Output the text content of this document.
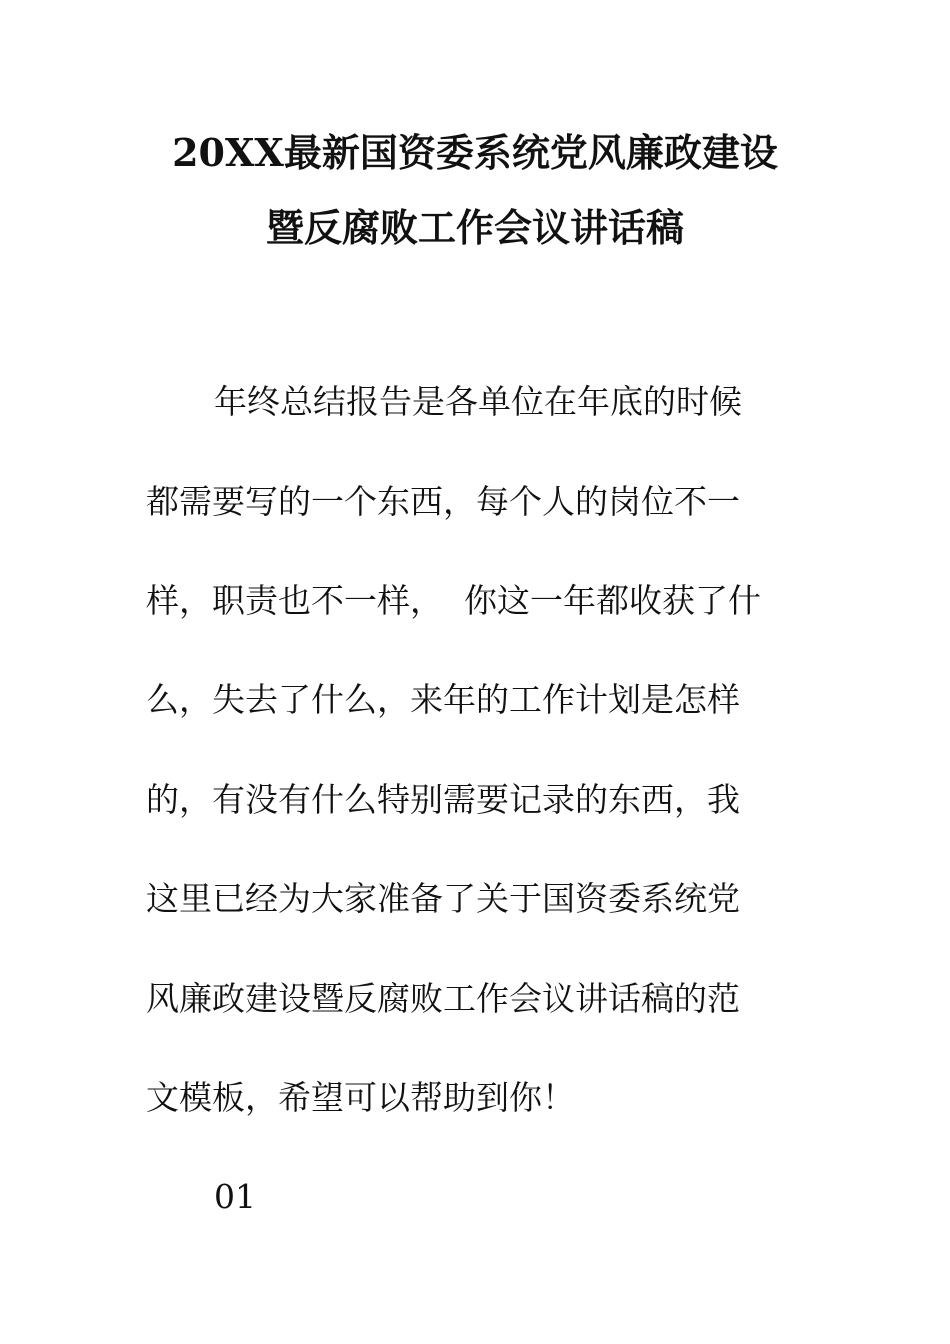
20XX最新国资委系统党风廉政建设
暨反腐败工作会议讲话稿
年终总结报告是各单位在年底的时候
都需要写的一个东西，每个人的岗位不一
样，职责也不一样，  你这一年都收获了什
么，失去了什么，来年的工作计划是怎样
的，有没有什么特别需要记录的东西，我
这里已经为大家准备了关于国资委系统党
风廉政建设暨反腐败工作会议讲话稿的范
文模板，希望可以帮助到你！
01
